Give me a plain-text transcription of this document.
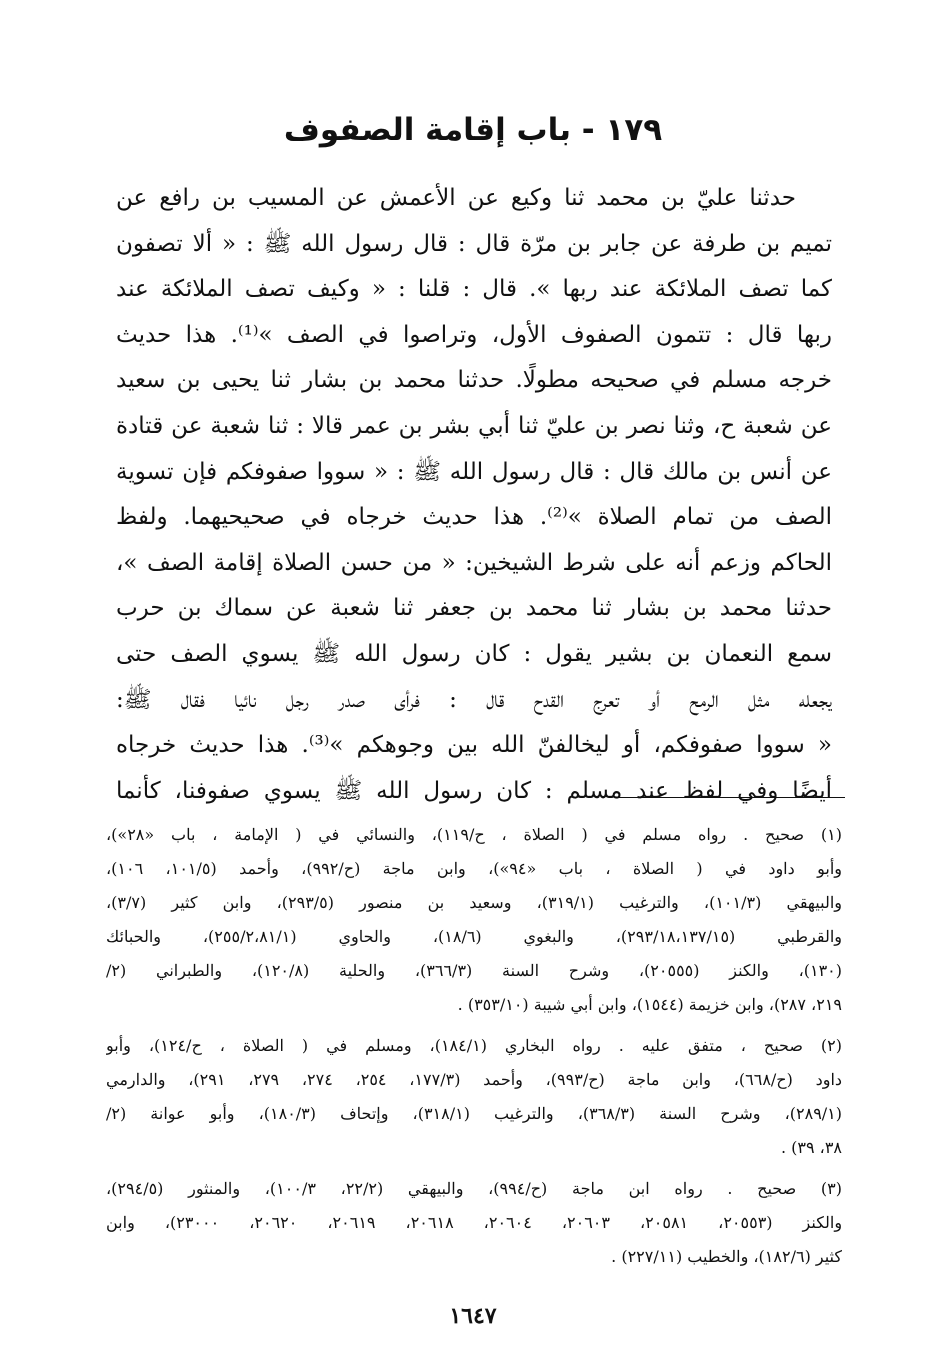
١٧٩ - باب إقامة الصفوف
حدثنا عليّ بن محمد ثنا وكيع عن الأعمش عن المسيب بن رافع عن
تميم بن طرفة عن جابر بن مرّة قال : قال رسول الله ﷺ : « ألا تصفون
كما تصف الملائكة عند ربها ». قال : قلنا : « وكيف تصف الملائكة عند
ربها قال : تتمون الصفوف الأول، وتراصوا في الصف »⁽¹⁾. هذا حديث
خرجه مسلم في صحيحه مطولًا. حدثنا محمد بن بشار ثنا يحيى بن سعيد
عن شعبة ح، وثنا نصر بن عليّ ثنا أبي بشر بن عمر قالا : ثنا شعبة عن قتادة
عن أنس بن مالك قال : قال رسول الله ﷺ : « سووا صفوفكم فإن تسوية
الصف من تمام الصلاة »⁽²⁾. هذا حديث خرجاه في صحيحيهما. ولفظ
الحاكم وزعم أنه على شرط الشيخين: « من حسن الصلاة إقامة الصف »،
حدثنا محمد بن بشار ثنا محمد بن جعفر ثنا شعبة عن سماك بن حرب
سمع النعمان بن بشير يقول : كان رسول الله ﷺ يسوي الصف حتى
يجعله مثل الرمح أو تعرج القدح قال : فرأى صدر رجل نائيا فقال ﷺ:
« سووا صفوفكم، أو ليخالفنّ الله بين وجوهكم »⁽³⁾. هذا حديث خرجاه
أيضًا وفي لفظ عند مسلم : كان رسول الله ﷺ يسوي صفوفنا، كأنما
(١) صحيح . رواه مسلم في ( الصلاة ، ح/١١٩)، والنسائي في ( الإمامة ، باب «٢٨»)،
وأبو داود في ( الصلاة ، باب «٩٤»)، وابن ماجة (ح/٩٩٢)، وأحمد (١٠١/٥، ١٠٦)،
والبيهقي (١٠١/٣)، والترغيب (٣١٩/١)، وسعيد بن منصور (٢٩٣/٥)، وابن كثير (٣/٧)،
والقرطبي (٢٩٣/١٨،١٣٧/١٥)، والبغوي (١٨/٦)، والحاوي (٢٥٥/٢،٨١/١)، والحبائك
(١٣٠)، والكنز (٢٠٥٥٥)، وشرح السنة (٣٦٦/٣)، والحلية (١٢٠/٨)، والطبراني (٢/
٢١٩، ٢٨٧)، وابن خزيمة (١٥٤٤)، وابن أبي شيبة (٣٥٣/١٠) .
(٢) صحيح ، متفق عليه . رواه البخاري (١٨٤/١)، ومسلم في ( الصلاة ، ح/١٢٤)، وأبو
داود (ح/٦٦٨)، وابن ماجة (ح/٩٩٣)، وأحمد (١٧٧/٣، ٢٥٤، ٢٧٤، ٢٧٩، ٢٩١)، والدارمي
(٢٨٩/١)، وشرح السنة (٣٦٨/٣)، والترغيب (٣١٨/١)، وإتحاف (١٨٠/٣)، وأبو عوانة (٢/
٣٨، ٣٩) .
(٣) صحيح . رواه ابن ماجة (ح/٩٩٤)، والبيهقي (٢٢/٢، ١٠٠/٣)، والمنثور (٢٩٤/٥)،
والكنز (٢٠٥٥٣، ٢٠٥٨١، ٢٠٦٠٣، ٢٠٦٠٤، ٢٠٦١٨، ٢٠٦١٩، ٢٠٦٢٠، ٢٣٠٠٠)، وابن
كثير (١٨٢/٦)، والخطيب (٢٢٧/١١) .
١٦٤٧
